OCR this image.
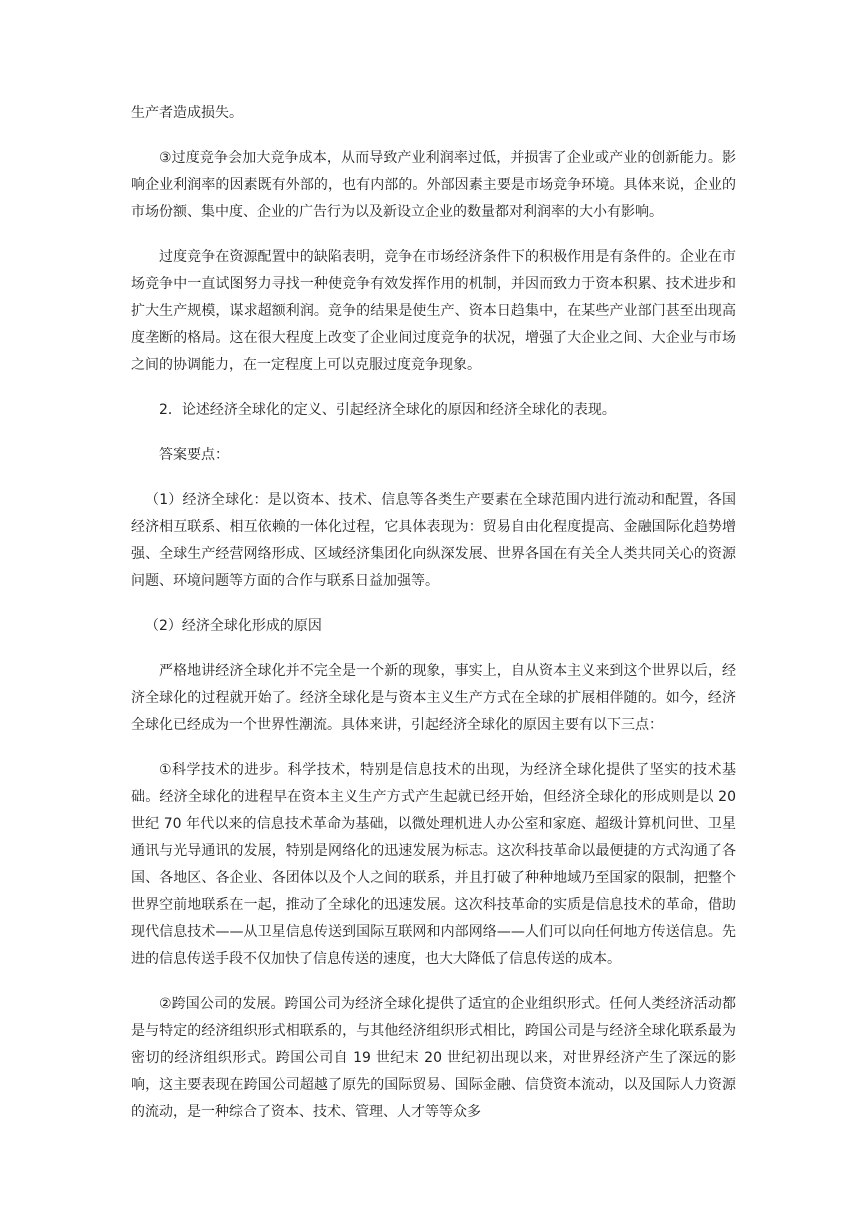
生产者造成损失。

③过度竞争会加大竞争成本，从而导致产业利润率过低，并损害了企业或产业的创新能力。影响企业利润率的因素既有外部的，也有内部的。外部因素主要是市场竞争环境。具体来说，企业的市场份额、集中度、企业的广告行为以及新设立企业的数量都对利润率的大小有影响。

过度竞争在资源配置中的缺陷表明，竞争在市场经济条件下的积极作用是有条件的。企业在市场竞争中一直试图努力寻找一种使竞争有效发挥作用的机制，并因而致力于资本积累、技术进步和扩大生产规模，谋求超额利润。竞争的结果是使生产、资本日趋集中，在某些产业部门甚至出现高度垄断的格局。这在很大程度上改变了企业间过度竞争的状况，增强了大企业之间、大企业与市场之间的协调能力，在一定程度上可以克服过度竞争现象。

2．论述经济全球化的定义、引起经济全球化的原因和经济全球化的表现。

答案要点：

（1）经济全球化：是以资本、技术、信息等各类生产要素在全球范围内进行流动和配置，各国经济相互联系、相互依赖的一体化过程，它具体表现为：贸易自由化程度提高、金融国际化趋势增强、全球生产经营网络形成、区域经济集团化向纵深发展、世界各国在有关全人类共同关心的资源问题、环境问题等方面的合作与联系日益加强等。

（2）经济全球化形成的原因

严格地讲经济全球化并不完全是一个新的现象，事实上，自从资本主义来到这个世界以后，经济全球化的过程就开始了。经济全球化是与资本主义生产方式在全球的扩展相伴随的。如今，经济全球化已经成为一个世界性潮流。具体来讲，引起经济全球化的原因主要有以下三点：

①科学技术的进步。科学技术，特别是信息技术的出现，为经济全球化提供了坚实的技术基础。经济全球化的进程早在资本主义生产方式产生起就已经开始，但经济全球化的形成则是以 20 世纪 70 年代以来的信息技术革命为基础，以微处理机进人办公室和家庭、超级计算机问世、卫星通讯与光导通讯的发展，特别是网络化的迅速发展为标志。这次科技革命以最便捷的方式沟通了各国、各地区、各企业、各团体以及个人之间的联系，并且打破了种种地域乃至国家的限制，把整个世界空前地联系在一起，推动了全球化的迅速发展。这次科技革命的实质是信息技术的革命，借助现代信息技术——从卫星信息传送到国际互联网和内部网络——人们可以向任何地方传送信息。先进的信息传送手段不仅加快了信息传送的速度，也大大降低了信息传送的成本。

②跨国公司的发展。跨国公司为经济全球化提供了适宜的企业组织形式。任何人类经济活动都是与特定的经济组织形式相联系的，与其他经济组织形式相比，跨国公司是与经济全球化联系最为密切的经济组织形式。跨国公司自 19 世纪末 20 世纪初出现以来，对世界经济产生了深远的影响，这主要表现在跨国公司超越了原先的国际贸易、国际金融、信贷资本流动，以及国际人力资源的流动，是一种综合了资本、技术、管理、人才等等众多
